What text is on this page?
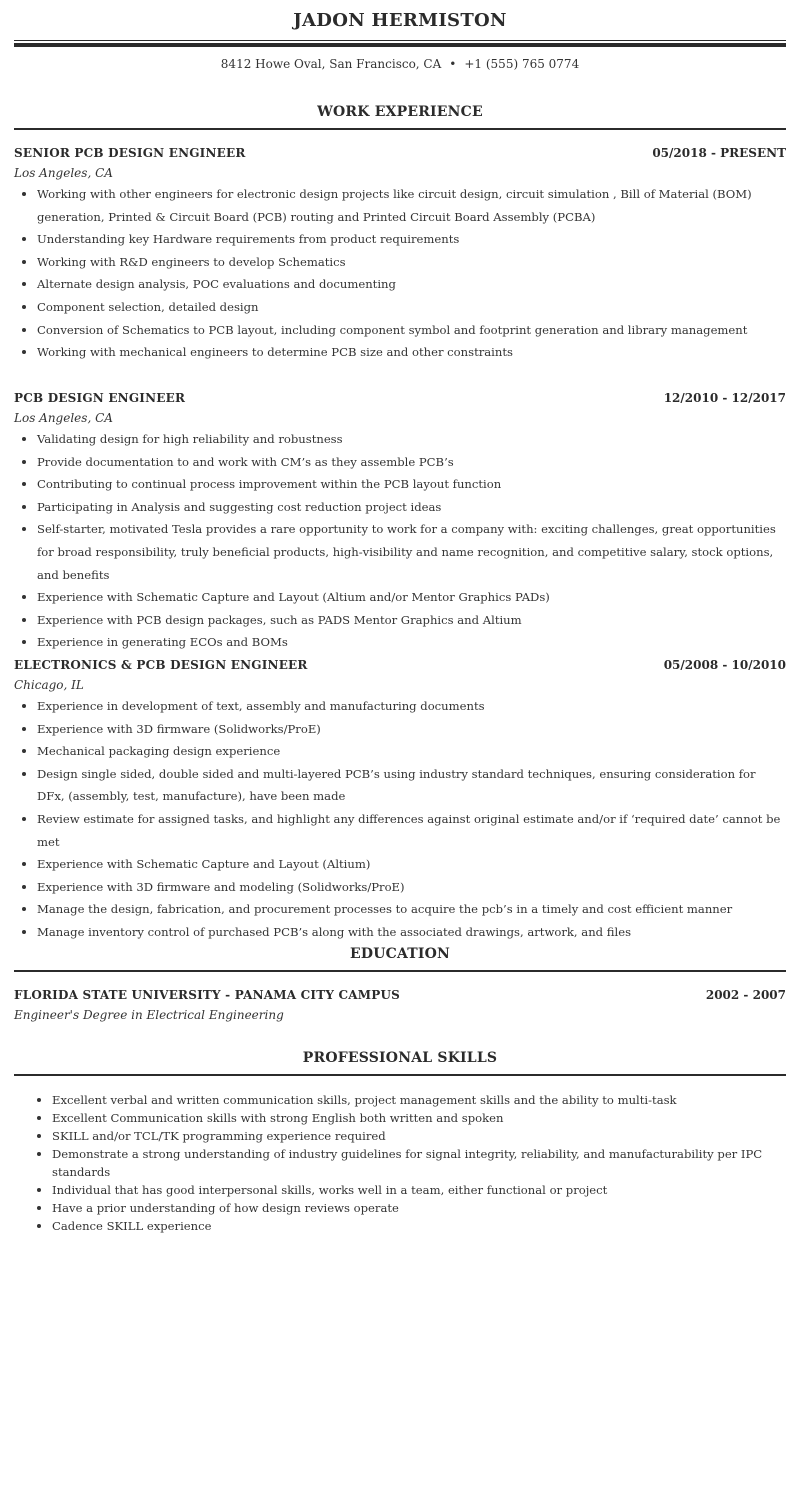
JADON HERMISTON
8412 Howe Oval, San Francisco, CA • +1 (555) 765 0774
WORK EXPERIENCE
SENIOR PCB DESIGN ENGINEER	05/2018 - PRESENT
Los Angeles, CA
Working with other engineers for electronic design projects like circuit design, circuit simulation , Bill of Material (BOM) generation, Printed & Circuit Board (PCB) routing and Printed Circuit Board Assembly (PCBA)
Understanding key Hardware requirements from product requirements
Working with R&D engineers to develop Schematics
Alternate design analysis, POC evaluations and documenting
Component selection, detailed design
Conversion of Schematics to PCB layout, including component symbol and footprint generation and library management
Working with mechanical engineers to determine PCB size and other constraints
PCB DESIGN ENGINEER	12/2010 - 12/2017
Los Angeles, CA
Validating design for high reliability and robustness
Provide documentation to and work with CM’s as they assemble PCB’s
Contributing to continual process improvement within the PCB layout function
Participating in Analysis and suggesting cost reduction project ideas
Self-starter, motivated Tesla provides a rare opportunity to work for a company with: exciting challenges, great opportunities for broad responsibility, truly beneficial products, high-visibility and name recognition, and competitive salary, stock options, and benefits
Experience with Schematic Capture and Layout (Altium and/or Mentor Graphics PADs)
Experience with PCB design packages, such as PADS Mentor Graphics and Altium
Experience in generating ECOs and BOMs
ELECTRONICS & PCB DESIGN ENGINEER	05/2008 - 10/2010
Chicago, IL
Experience in development of text, assembly and manufacturing documents
Experience with 3D firmware (Solidworks/ProE)
Mechanical packaging design experience
Design single sided, double sided and multi-layered PCB’s using industry standard techniques, ensuring consideration for DFx, (assembly, test, manufacture), have been made
Review estimate for assigned tasks, and highlight any differences against original estimate and/or if ‘required date’ cannot be met
Experience with Schematic Capture and Layout (Altium)
Experience with 3D firmware and modeling (Solidworks/ProE)
Manage the design, fabrication, and procurement processes to acquire the pcb’s in a timely and cost efficient manner
Manage inventory control of purchased PCB’s along with the associated drawings, artwork, and files
EDUCATION
FLORIDA STATE UNIVERSITY - PANAMA CITY CAMPUS	2002 - 2007
Engineer's Degree in Electrical Engineering
PROFESSIONAL SKILLS
Excellent verbal and written communication skills, project management skills and the ability to multi-task
Excellent Communication skills with strong English both written and spoken
SKILL and/or TCL/TK programming experience required
Demonstrate a strong understanding of industry guidelines for signal integrity, reliability, and manufacturability per IPC standards
Individual that has good interpersonal skills, works well in a team, either functional or project
Have a prior understanding of how design reviews operate
Cadence SKILL experience
